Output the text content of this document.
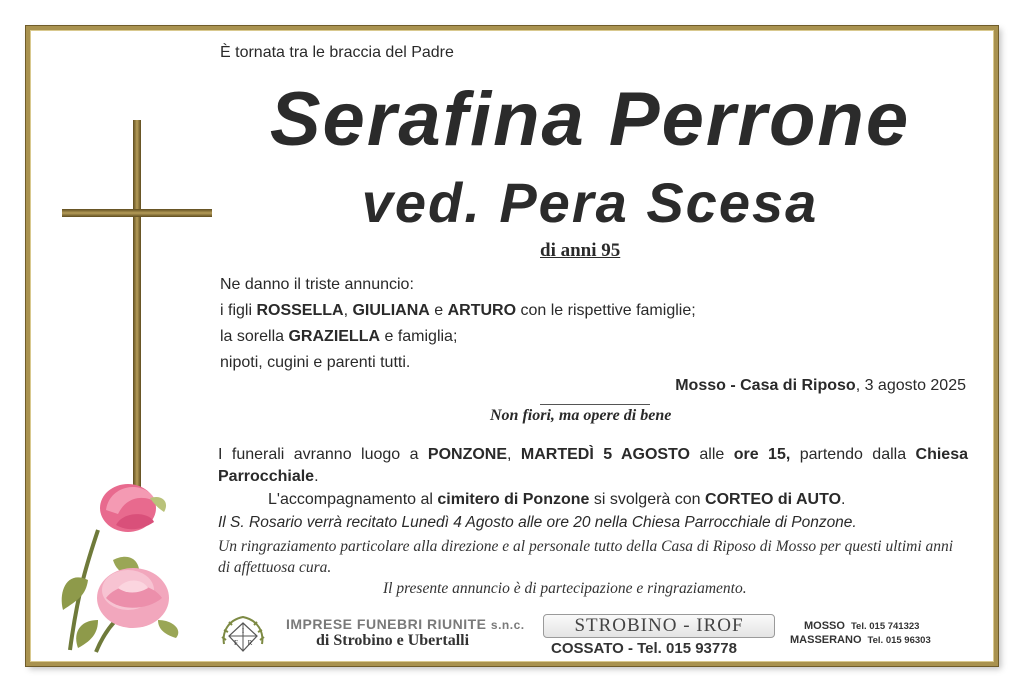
È tornata tra le braccia del Padre
Serafina Perrone
ved. Pera Scesa
di anni 95
Ne danno il triste annuncio:
i figli ROSSELLA, GIULIANA e ARTURO con le rispettive famiglie;
la sorella GRAZIELLA e famiglia;
nipoti, cugini e parenti tutti.
Mosso - Casa di Riposo, 3 agosto 2025
Non fiori, ma opere di bene
I funerali avranno luogo a PONZONE, MARTEDÌ 5 AGOSTO alle ore 15, partendo dalla Chiesa Parrocchiale.
L'accompagnamento al cimitero di Ponzone si svolgerà con CORTEO di AUTO.
Il S. Rosario verrà recitato Lunedì 4 Agosto alle ore 20 nella Chiesa Parrocchiale di Ponzone.
Un ringraziamento particolare alla direzione e al personale tutto della Casa di Riposo di Mosso per questi ultimi anni di affettuosa cura.
Il presente annuncio è di partecipazione e ringraziamento.
I
F R
IMPRESE FUNEBRI RIUNITE s.n.c.
di Strobino e Ubertalli
STROBINO - IROF
COSSATO - Tel. 015 93778
MOSSO Tel. 015 741323
MASSERANO Tel. 015 96303
